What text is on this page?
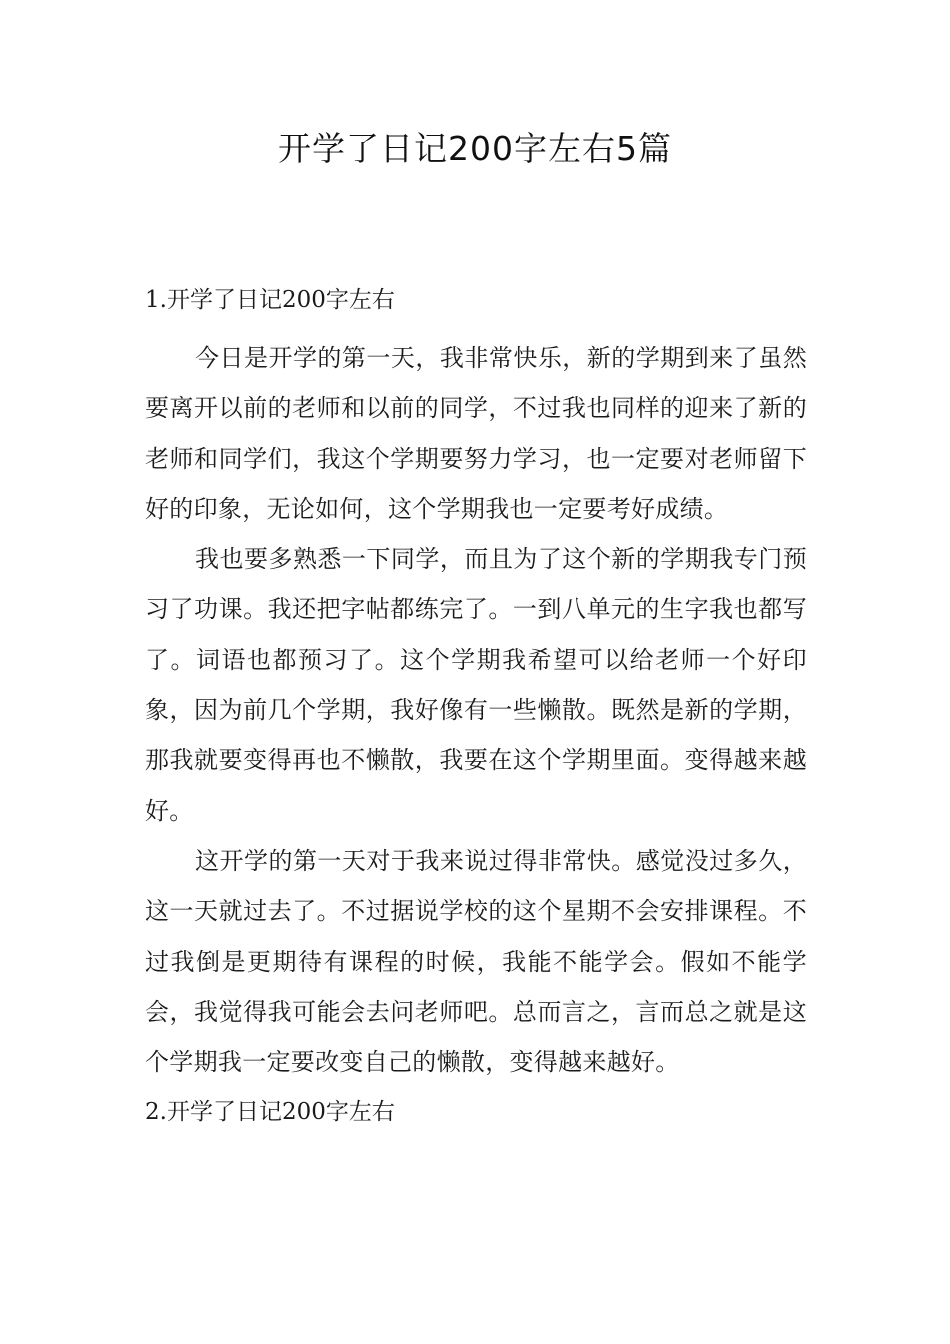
开学了日记200字左右5篇
1.开学了日记200字左右

今日是开学的第一天，我非常快乐，新的学期到来了虽然要离开以前的老师和以前的同学，不过我也同样的迎来了新的老师和同学们，我这个学期要努力学习，也一定要对老师留下好的印象，无论如何，这个学期我也一定要考好成绩。

我也要多熟悉一下同学，而且为了这个新的学期我专门预习了功课。我还把字帖都练完了。一到八单元的生字我也都写了。词语也都预习了。这个学期我希望可以给老师一个好印象，因为前几个学期，我好像有一些懒散。既然是新的学期，那我就要变得再也不懒散，我要在这个学期里面。变得越来越好。

这开学的第一天对于我来说过得非常快。感觉没过多久，这一天就过去了。不过据说学校的这个星期不会安排课程。不过我倒是更期待有课程的时候，我能不能学会。假如不能学会，我觉得我可能会去问老师吧。总而言之，言而总之就是这个学期我一定要改变自己的懒散，变得越来越好。

2.开学了日记200字左右
